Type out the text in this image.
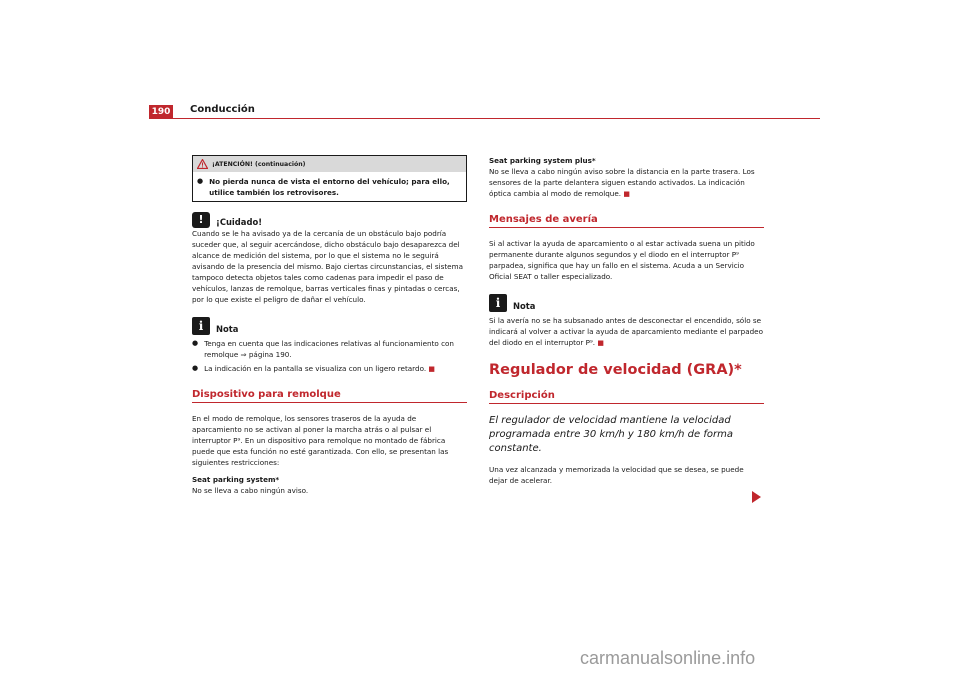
190 Conducción
¡ATENCIÓN! (continuación)
● No pierda nunca de vista el entorno del vehículo; para ello, utilice también los retrovisores.
!	¡Cuidado!

Cuando se le ha avisado ya de la cercanía de un obstáculo bajo podría suceder que, al seguir acercándose, dicho obstáculo bajo desaparezca del alcance de medición del sistema, por lo que el sistema no le seguirá avisando de la presencia del mismo. Bajo ciertas circunstancias, el sistema tampoco detecta objetos tales como cadenas para impedir el paso de vehículos, lanzas de remolque, barras verticales finas y pintadas o cercas, por lo que existe el peligro de dañar el vehículo.

i	Nota
● Tenga en cuenta que las indicaciones relativas al funcionamiento con remolque ⇒ página 190.
● La indicación en la pantalla se visualiza con un ligero retardo. ■
Dispositivo para remolque

En el modo de remolque, los sensores traseros de la ayuda de aparcamiento no se activan al poner la marcha atrás o al pulsar el interruptor P⁹. En un dispositivo para remolque no montado de fábrica puede que esta función no esté garantizada. Con ello, se presentan las siguientes restricciones:

Seat parking system*

No se lleva a cabo ningún aviso.

Seat parking system plus*

No se lleva a cabo ningún aviso sobre la distancia en la parte trasera. Los sensores de la parte delantera siguen estando activados. La indicación óptica cambia al modo de remolque. ■

Mensajes de avería

Si al activar la ayuda de aparcamiento o al estar activada suena un pitido permanente durante algunos segundos y el diodo en el interruptor P⁹ parpadea, significa que hay un fallo en el sistema. Acuda a un Servicio Oficial SEAT o taller especializado.

i	Nota

Si la avería no se ha subsanado antes de desconectar el encendido, sólo se indicará al volver a activar la ayuda de aparcamiento mediante el parpadeo del diodo en el interruptor P⁹. ■

Regulador de velocidad (GRA)*
Descripción
El regulador de velocidad mantiene la velocidad programada entre 30 km/h y 180 km/h de forma constante.

Una vez alcanzada y memorizada la velocidad que se desea, se puede dejar de acelerar.

carmanualsonline.info
